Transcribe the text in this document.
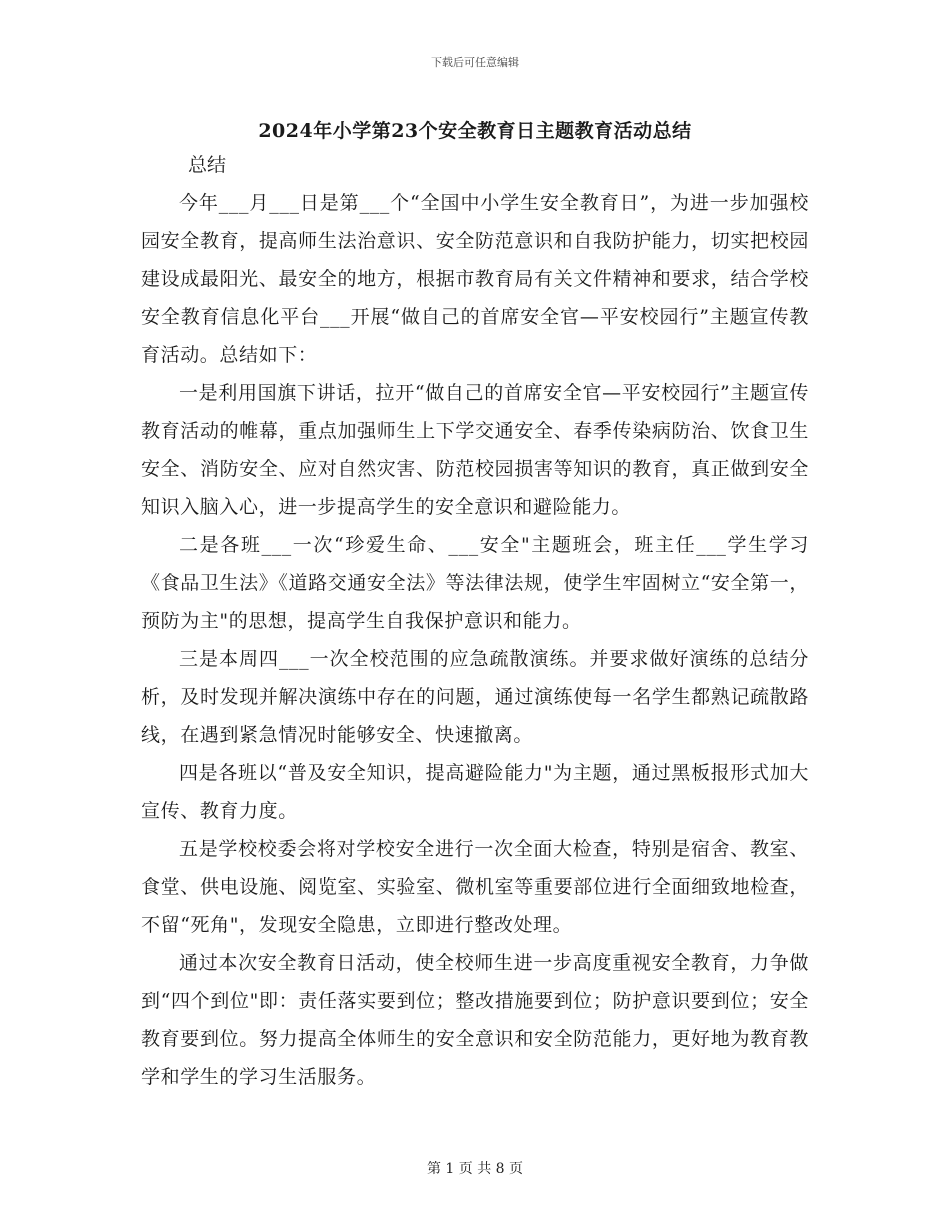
下载后可任意编辑
2024年小学第23个安全教育日主题教育活动总结
总结

今年___月___日是第___个“全国中小学生安全教育日”，为进一步加强校园安全教育，提高师生法治意识、安全防范意识和自我防护能力，切实把校园建设成最阳光、最安全的地方，根据市教育局有关文件精神和要求，结合学校安全教育信息化平台___开展“做自己的首席安全官—平安校园行”主题宣传教育活动。总结如下：

一是利用国旗下讲话，拉开“做自己的首席安全官—平安校园行”主题宣传教育活动的帷幕，重点加强师生上下学交通安全、春季传染病防治、饮食卫生安全、消防安全、应对自然灾害、防范校园损害等知识的教育，真正做到安全知识入脑入心，进一步提高学生的安全意识和避险能力。

二是各班___一次“珍爱生命、___安全"主题班会，班主任___学生学习《食品卫生法》《道路交通安全法》等法律法规，使学生牢固树立“安全第一，预防为主"的思想，提高学生自我保护意识和能力。

三是本周四___一次全校范围的应急疏散演练。并要求做好演练的总结分析，及时发现并解决演练中存在的问题，通过演练使每一名学生都熟记疏散路线，在遇到紧急情况时能够安全、快速撤离。

四是各班以“普及安全知识，提高避险能力"为主题，通过黑板报形式加大宣传、教育力度。

五是学校校委会将对学校安全进行一次全面大检查，特别是宿舍、教室、食堂、供电设施、阅览室、实验室、微机室等重要部位进行全面细致地检查，不留“死角"，发现安全隐患，立即进行整改处理。

通过本次安全教育日活动，使全校师生进一步高度重视安全教育，力争做到“四个到位"即：责任落实要到位；整改措施要到位；防护意识要到位；安全教育要到位。努力提高全体师生的安全意识和安全防范能力，更好地为教育教学和学生的学习生活服务。

第 1 页 共 8 页
